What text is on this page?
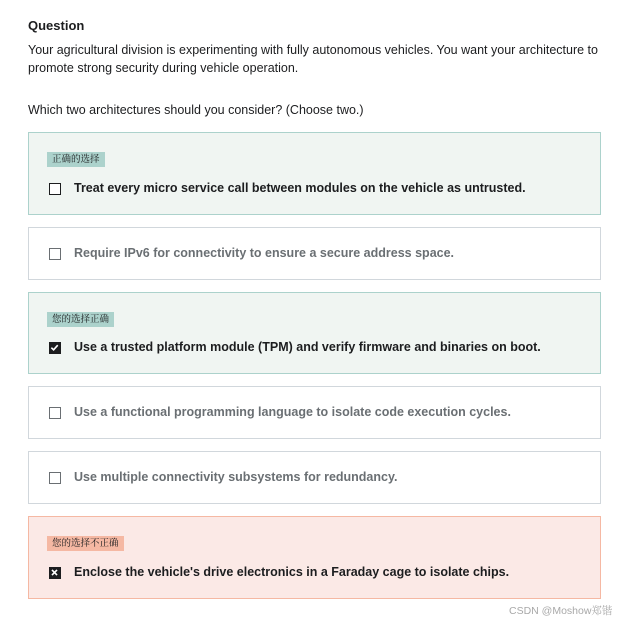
Question
Your agricultural division is experimenting with fully autonomous vehicles. You want your architecture to promote strong security during vehicle operation.
Which two architectures should you consider? (Choose two.)
正确的选择
Treat every micro service call between modules on the vehicle as untrusted.
Require IPv6 for connectivity to ensure a secure address space.
您的选择正确
Use a trusted platform module (TPM) and verify firmware and binaries on boot.
Use a functional programming language to isolate code execution cycles.
Use multiple connectivity subsystems for redundancy.
您的选择不正确
Enclose the vehicle's drive electronics in a Faraday cage to isolate chips.
CSDN @Moshow郑锴
